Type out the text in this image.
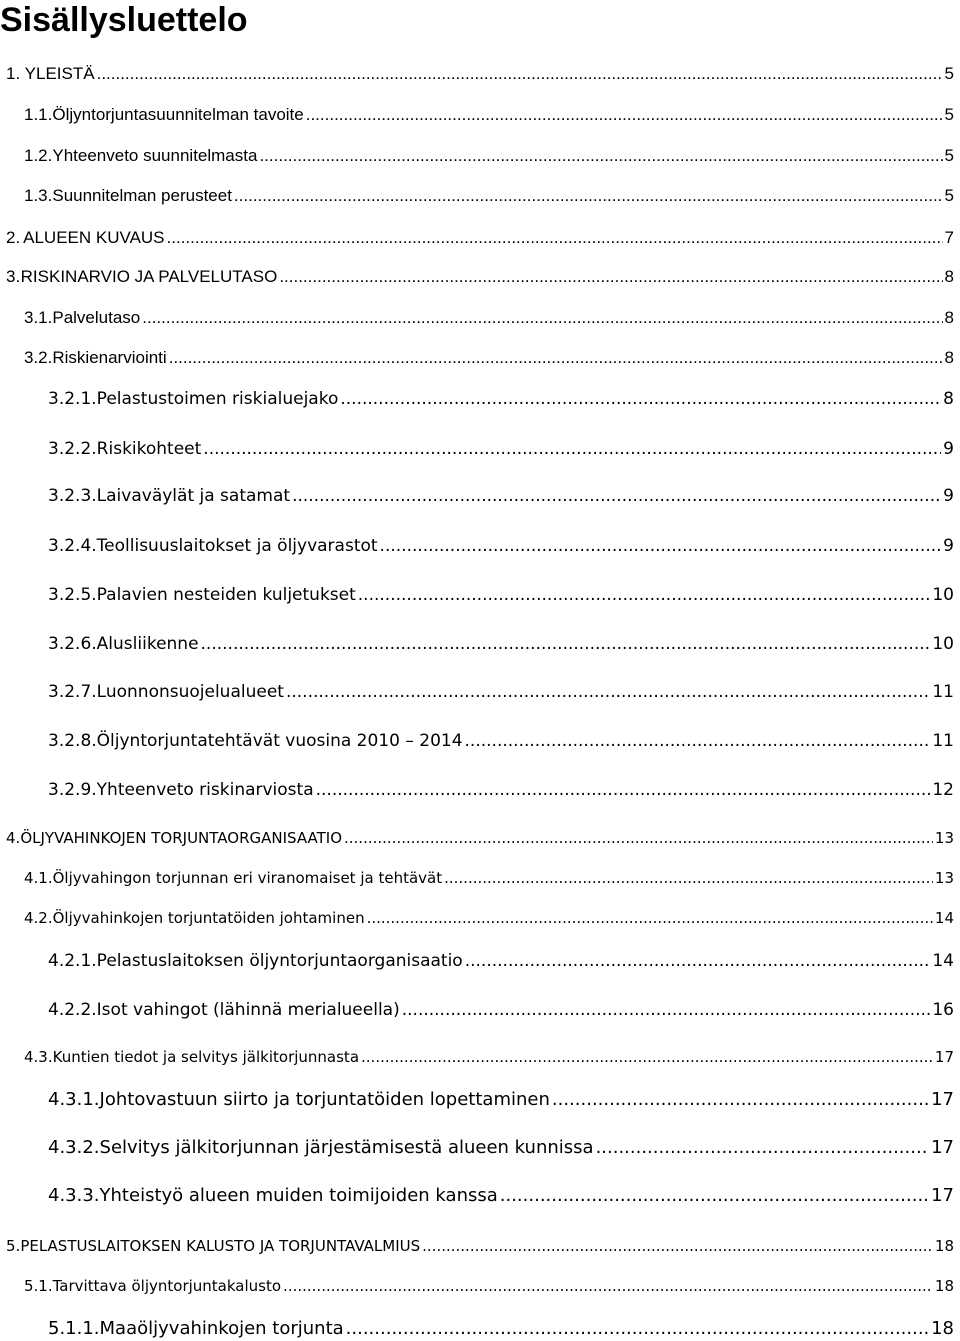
Sisällysluettelo
1. YLEISTÄ .....	5
1.1. Öljyntorjuntasuunnitelman tavoite .....	5
1.2. Yhteenveto suunnitelmasta .....	5
1.3. Suunnitelman perusteet .....	5
2. ALUEEN KUVAUS .....	7
3. RISKINARVIO JA PALVELUTASO .....	8
3.1. Palvelutaso .....	8
3.2. Riskienarviointi .....	8
3.2.1. Pelastustoimen riskialuejako .....	8
3.2.2. Riskikohteet .....	9
3.2.3. Laivaväylät ja satamat .....	9
3.2.4. Teollisuuslaitokset ja öljyvarastot .....	9
3.2.5. Palavien nesteiden kuljetukset .....	10
3.2.6. Alusliikenne .....	10
3.2.7. Luonnonsuojelualueet .....	11
3.2.8. Öljyntorjuntatehtävät vuosina 2010 – 2014 .....	11
3.2.9. Yhteenveto riskinarviosta .....	12
4. ÖLJYVAHINKOJEN TORJUNTAORGANISAATIO .....	13
4.1. Öljyvahingon torjunnan eri viranomaiset ja tehtävät .....	13
4.2. Öljyvahinkojen torjuntatöiden johtaminen .....	14
4.2.1. Pelastuslaitoksen öljyntorjuntaorganisaatio .....	14
4.2.2. Isot vahingot (lähinnä merialueella) .....	16
4.3. Kuntien tiedot ja selvitys jälkitorjunnasta .....	17
4.3.1. Johtovastuun siirto ja torjuntatöiden lopettaminen .....	17
4.3.2. Selvitys jälkitorjunnan järjestämisestä alueen kunnissa .....	17
4.3.3. Yhteistyö alueen muiden toimijoiden kanssa .....	17
5. PELASTUSLAITOKSEN KALUSTO JA TORJUNTAVALMIUS .....	18
5.1. Tarvittava öljyntorjuntakalusto .....	18
5.1.1. Maaöljyvahinkojen torjunta .....	18
